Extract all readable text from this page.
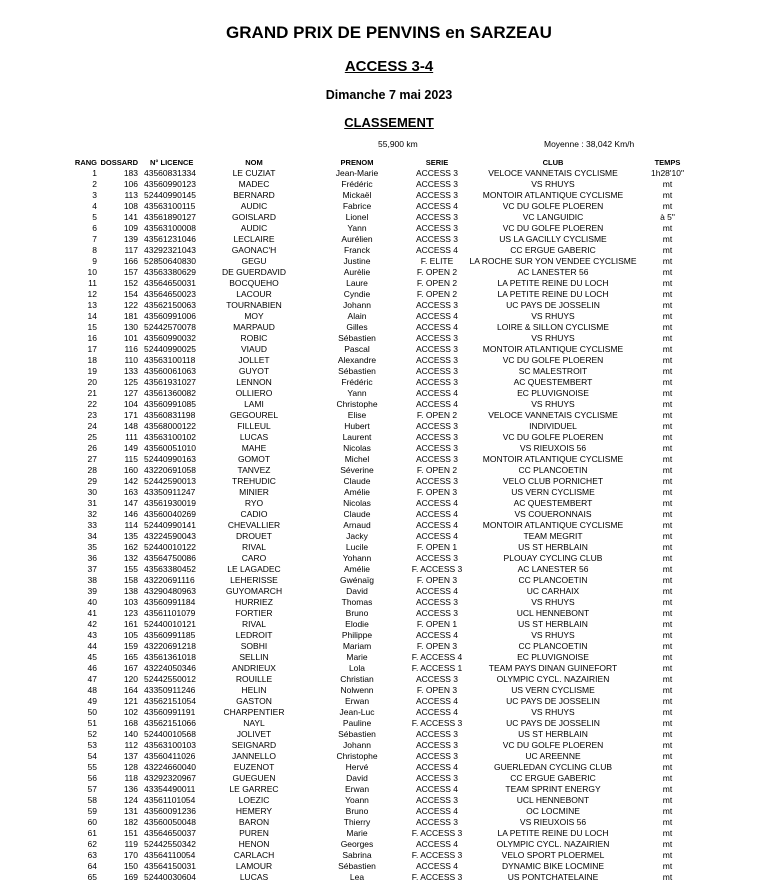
GRAND PRIX DE PENVINS en SARZEAU
ACCESS 3-4
Dimanche 7 mai 2023
CLASSEMENT
55,900 km	Moyenne : 38,042 Km/h
RANG DOSSARD N° LICENCE	NOM	PRENOM	SERIE	CLUB	TEMPS
1	183 43560831334	LE CUZIAT	Jean-Marie	ACCESS 3	VELOCE VANNETAIS CYCLISME	1h28'10"
2	106 43560990123	MADEC	Frédéric	ACCESS 3	VS RHUYS	mt
3	113 52440990145	BERNARD	Mickaël	ACCESS 3	MONTOIR ATLANTIQUE CYCLISME	mt
4	108 43563100115	AUDIC	Fabrice	ACCESS 4	VC DU GOLFE PLOEREN	mt
5	141 43561890127	GOISLARD	Lionel	ACCESS 3	VC LANGUIDIC	à 5"
6	109 43563100008	AUDIC	Yann	ACCESS 3	VC DU GOLFE PLOEREN	mt
7	139 43561231046	LECLAIRE	Aurélien	ACCESS 3	US LA GACILLY CYCLISME	mt
8	117 43292321043	GAONAC'H	Franck	ACCESS 4	CC ERGUE GABERIC	mt
9	166 52850640830	GEGU	Justine	F. ELITE	LA ROCHE SUR YON VENDEE CYCLISME	mt
10	157 43563380629	DE GUERDAVID	Aurèlie	F. OPEN 2	AC LANESTER 56	mt
11	152 43564650031	BOCQUEHO	Laure	F. OPEN 2	LA PETITE REINE DU LOCH	mt
12	154 43564650023	LACOUR	Cyndie	F. OPEN 2	LA PETITE REINE DU LOCH	mt
13	122 43562150063	TOURNABIEN	Johann	ACCESS 3	UC PAYS DE JOSSELIN	mt
14	181 43560991006	MOY	Alain	ACCESS 4	VS RHUYS	mt
15	130 52442570078	MARPAUD	Gilles	ACCESS 4	LOIRE & SILLON CYCLISME	mt
16	101 43560990032	ROBIC	Sébastien	ACCESS 3	VS RHUYS	mt
17	116 52440990025	VIAUD	Pascal	ACCESS 3	MONTOIR ATLANTIQUE CYCLISME	mt
18	110 43563100118	JOLLET	Alexandre	ACCESS 3	VC DU GOLFE PLOEREN	mt
19	133 43560061063	GUYOT	Sébastien	ACCESS 3	SC MALESTROIT	mt
20	125 43561931027	LENNON	Frédéric	ACCESS 3	AC QUESTEMBERT	mt
21	127 43561360082	OLLIERO	Yann	ACCESS 4	EC PLUVIGNOISE	mt
22	104 43560991085	LAMI	Christophe	ACCESS 4	VS RHUYS	mt
23	171 43560831198	GEGOUREL	Elise	F. OPEN 2	VELOCE VANNETAIS CYCLISME	mt
24	148 43568000122	FILLEUL	Hubert	ACCESS 3	INDIVIDUEL	mt
25	111 43563100102	LUCAS	Laurent	ACCESS 3	VC DU GOLFE PLOEREN	mt
26	149 43560051010	MAHE	Nicolas	ACCESS 3	VS RIEUXOIS 56	mt
27	115 52440990163	GOMOT	Michel	ACCESS 3	MONTOIR ATLANTIQUE CYCLISME	mt
28	160 43220691058	TANVEZ	Séverine	F. OPEN 2	CC PLANCOETIN	mt
29	142 52442590013	TREHUDIC	Claude	ACCESS 3	VELO CLUB PORNICHET	mt
30	163 43350911247	MINIER	Amélie	F. OPEN 3	US VERN CYCLISME	mt
31	147 43561930019	RYO	Nicolas	ACCESS 4	AC QUESTEMBERT	mt
32	146 43560040269	CADIO	Claude	ACCESS 4	VS COUERONNAIS	mt
33	114 52440990141	CHEVALLIER	Arnaud	ACCESS 4	MONTOIR ATLANTIQUE CYCLISME	mt
34	135 43224590043	DROUET	Jacky	ACCESS 4	TEAM MEGRIT	mt
35	162 52440010122	RIVAL	Lucile	F. OPEN 1	US ST HERBLAIN	mt
36	132 43564750086	CARO	Yohann	ACCESS 3	PLOUAY CYCLING CLUB	mt
37	155 43563380452	LE LAGADEC	Amélie	F. ACCESS 3	AC LANESTER 56	mt
38	158 43220691116	LEHERISSE	Gwénaïg	F. OPEN 3	CC PLANCOETIN	mt
39	138 43290480963	GUYOMARCH	David	ACCESS 4	UC CARHAIX	mt
40	103 43560991184	HURRIEZ	Thomas	ACCESS 3	VS RHUYS	mt
41	123 43561101079	FORTIER	Bruno	ACCESS 3	UCL HENNEBONT	mt
42	161 52440010121	RIVAL	Elodie	F. OPEN 1	US ST HERBLAIN	mt
43	105 43560991185	LEDROIT	Philippe	ACCESS 4	VS RHUYS	mt
44	159 43220691218	SOBHI	Mariam	F. OPEN 3	CC PLANCOETIN	mt
45	165 43561361018	SELLIN	Marie	F. ACCESS 4	EC PLUVIGNOISE	mt
46	167 43224050346	ANDRIEUX	Lola	F. ACCESS 1	TEAM PAYS DINAN GUINEFORT	mt
47	120 52442550012	ROUILLE	Christian	ACCESS 3	OLYMPIC CYCL. NAZAIRIEN	mt
48	164 43350911246	HELIN	Nolwenn	F. OPEN 3	US VERN CYCLISME	mt
49	121 43562151054	GASTON	Erwan	ACCESS 4	UC PAYS DE JOSSELIN	mt
50	102 43560991191	CHARPENTIER	Jean-Luc	ACCESS 4	VS RHUYS	mt
51	168 43562151066	NAYL	Pauline	F. ACCESS 3	UC PAYS DE JOSSELIN	mt
52	140 52440010568	JOLIVET	Sébastien	ACCESS 3	US ST HERBLAIN	mt
53	112 43563100103	SEIGNARD	Johann	ACCESS 3	VC DU GOLFE PLOEREN	mt
54	137 43560411026	JANNELLO	Christophe	ACCESS 3	UC AREENNE	mt
55	128 43224660040	EUZENOT	Hervé	ACCESS 4	GUERLEDAN CYCLING CLUB	mt
56	118 43292320967	GUEGUEN	David	ACCESS 3	CC ERGUE GABERIC	mt
57	136 43354490011	LE GARREC	Erwan	ACCESS 4	TEAM SPRINT ENERGY	mt
58	124 43561101054	LOEZIC	Yoann	ACCESS 3	UCL HENNEBONT	mt
59	131 43560091236	HEMERY	Bruno	ACCESS 4	OC LOCMINE	mt
60	182 43560050048	BARON	Thierry	ACCESS 3	VS RIEUXOIS 56	mt
61	151 43564650037	PUREN	Marie	F. ACCESS 3	LA PETITE REINE DU LOCH	mt
62	119 52442550342	HENON	Georges	ACCESS 4	OLYMPIC CYCL. NAZAIRIEN	mt
63	170 43564110054	CARLACH	Sabrina	F. ACCESS 3	VELO SPORT PLOERMEL	mt
64	150 43564150031	LAMOUR	Sébastien	ACCESS 4	DYNAMIC BIKE LOCMINE	mt
65	169 52440030604	LUCAS	Lea	F. ACCESS 3	US PONTCHATELAINE	mt
